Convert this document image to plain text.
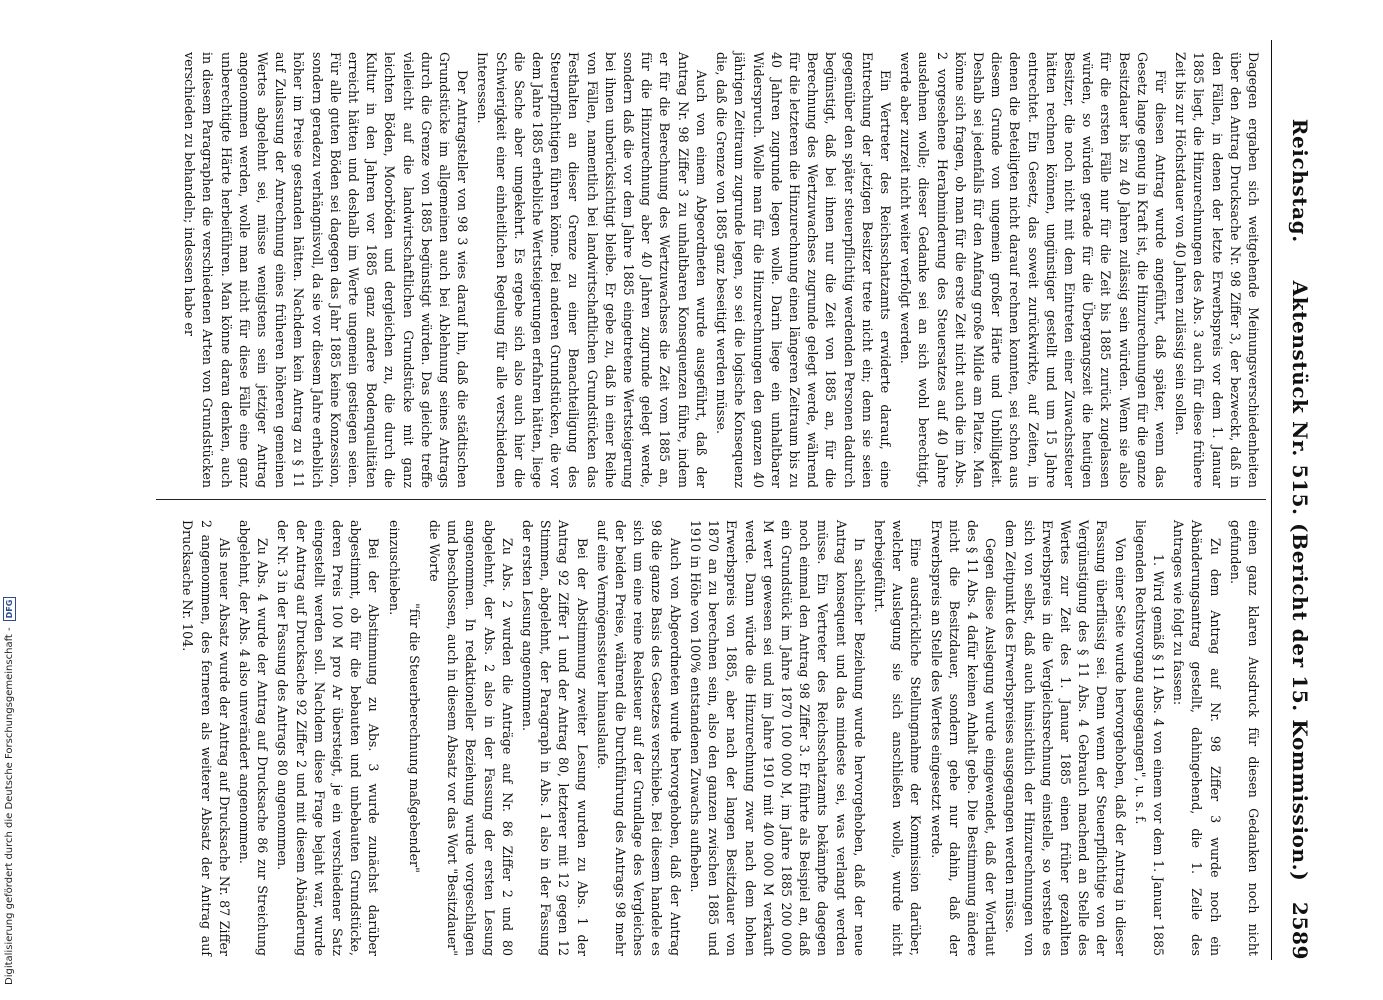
Reichstag.     Aktenstück Nr. 515. (Bericht der 15. Kommission.)
2589

Dagegen ergaben sich weitgehende Meinungsverschiedenheiten über den Antrag Drucksache Nr. 98 Ziffer 3, der bezweckt, daß in den Fällen, in denen der letzte Erwerbspreis vor dem 1. Januar 1885 liegt, die Hinzurechnungen des Abs. 3 auch für diese frühere Zeit bis zur Höchstdauer von 40 Jahren zulässig sein sollen.

Für diesen Antrag wurde angeführt, daß später, wenn das Gesetz lange genug in Kraft ist, die Hinzurechnungen für die ganze Besitzdauer bis zu 40 Jahren zulässig sein würden. Wenn sie also für die ersten Fälle nur für die Zeit bis 1885 zurück zugelassen würden, so würden gerade für die Übergangszeit die heutigen Besitzer, die noch nicht mit dem Eintreten einer Zuwachssteuer hätten rechnen können, ungünstiger gestellt und um 15 Jahre entrechtet. Ein Gesetz, das soweit zurückwirkte, auf Zeiten, in denen die Beteiligten nicht darauf rechnen konnten, sei schon aus diesem Grunde von ungemein großer Härte und Unbilligkeit. Deshalb sei jedenfalls für den Anfang große Milde am Platze. Man könne sich fragen, ob man für die erste Zeit nicht auch die im Abs. 2 vorgesehene Herabminderung des Steuersatzes auf 40 Jahre ausdehnen wolle; dieser Gedanke sei an sich wohl berechtigt, werde aber zurzeit nicht weiter verfolgt werden.

Ein Vertreter des Reichsschatzamts erwiderte darauf, eine Entrechung der jetzigen Besitzer trete nicht ein; denn sie seien gegenüber den später steuerpflichtig werdenden Personen dadurch begünstigt, daß bei ihnen nur die Zeit von 1885 an, für die Berechnung des Wertzuwachses zugrunde gelegt werde, während für die letzteren die Hinzurechnung einen längeren Zeitraum bis zu 40 Jahren zugrunde legen wolle. Darin liege ein unhaltbarer Widerspruch. Wolle man für die Hinzurechnungen den ganzen 40 jährigen Zeitraum zugrunde legen, so sei die logische Konsequenz die, daß die Grenze von 1885 ganz beseitigt werden müsse.

Auch von einem Abgeordneten wurde ausgeführt, daß der Antrag Nr. 98 Ziffer 3 zu unhaltbaren Konsequenzen führe, indem er für die Berechnung des Wertzuwachses die Zeit vom 1885 an, für die Hinzurechnung aber 40 Jahren zugrunde gelegt werde, sondern daß die vor dem Jahre 1885 eingetretene Wertsteigerung bei ihnen unberücksichtigt bleibe. Er gebe zu, daß in einer Reihe von Fällen, namentlich bei landwirtschaftlichen Grundstücken das Festhalten an dieser Grenze zu einer Benachteiligung des Steuerpflichtigen führen könne. Bei anderen Grundstücken, die vor dem Jahre 1885 erhebliche Wertsteigerungen erfahren hätten, liege die Sache aber umgekehrt. Es ergebe sich also auch hier die Schwierigkeit einer einheitlichen Regelung für alle verschiedenen Interessen.

Der Antragsteller von 98 3 wies darauf hin, daß die städtischen Grundstücke im allgemeinen auch bei Ablehnung seines Antrags durch die Grenze von 1885 begünstigt würden. Das gleiche treffe vielleicht auf die landwirtschaftlichen Grundstücke mit ganz leichten Böden, Moorböden und dergleichen zu, die durch die Kultur in den Jahren vor 1885 ganz andere Bodenqualitäten erreicht hätten und deshalb im Werte ungemein gestiegen seien. Für alle guten Böden sei dagegen das Jahr 1885 keine Konzession, sondern geradezu verhängnisvoll, da sie vor diesem Jahre erheblich höher im Preise gestanden hätten. Nachdem kein Antrag zu § 11 auf Zulassung der Anrechnung eines früheren höheren gemeinen Wertes abgelehnt sei, müsse wenigstens sein jetziger Antrag angenommen werden, wolle man nicht für diese Fälle eine ganz unberechtigte Härte herbeiführen. Man könne daran denken, auch in diesem Paragraphen die verschiedenen Arten von Grundstücken verschieden zu behandeln; indessen habe er

einen ganz klaren Ausdruck für diesen Gedanken noch nicht gefunden.

Zu dem Antrag auf Nr. 98 Ziffer 3 wurde noch ein Abänderungsantrag gestellt, dahingehend, die 1. Zeile des Antrages wie folgt zu fassen:

1. Wird gemäß § 11 Abs. 4 von einem vor dem 1. Januar 1885 liegenden Rechtsvorgang ausgegangen", u. s. f.

Von einer Seite wurde hervorgehoben, daß der Antrag in dieser Fassung überflüssig sei. Denn wenn der Steuerpflichtige von der Vergünstigung des § 11 Abs. 4 Gebrauch machend an Stelle des Wertes zur Zeit des 1. Januar 1885 einen früher gezahlten Erwerbspreis in die Vergleichsrechnung einstelle, so verstehe es sich von selbst, daß auch hinsichtlich der Hinzurechnungen von dem Zeitpunkt des Erwerbspreises ausgegangen werden müsse.

Gegen diese Auslegung wurde eingewendet, daß der Wortlaut des § 11 Abs. 4 dafür keinen Anhalt gebe. Die Bestimmung ändere nicht die Besitzdauer, sondern gehe nur dahin, daß der Erwerbspreis an Stelle des Wertes eingesetzt werde.

Eine ausdrückliche Stellungnahme der Kommission darüber, welcher Auslegung sie sich anschließen wolle, wurde nicht herbeigeführt.

In sachlicher Beziehung wurde hervorgehoben, daß der neue Antrag konsequent und das mindeste sei, was verlangt werden müsse. Ein Vertreter des Reichsschatzamts bekämpfte dagegen noch einmal den Antrag 98 Ziffer 3. Er führte als Beispiel an, daß ein Grundstück im Jahre 1870 100 000 M, im Jahre 1885 200 000 M wert gewesen sei und im Jahre 1910 mit 400 000 M verkauft werde. Dann würde die Hinzurechnung zwar nach dem hohen Erwerbspreis von 1885, aber nach der langen Besitzdauer von 1870 an zu berechnen sein, also den ganzen zwischen 1885 und 1910 in Höhe von 100% entstandenen Zuwachs aufheben.

Auch von Abgeordneten wurde hervorgehoben, daß der Antrag 98 die ganze Basis des Gesetzes verschiebe. Bei diesem handele es sich um eine reine Realsteuer auf der Grundlage des Vergleiches der beiden Preise, während die Durchführung des Antrags 98 mehr auf eine Vermögenssteuer hinauslaufe.

Bei der Abstimmung zweiter Lesung wurden zu Abs. 1 der Antrag 92 Ziffer 1 und der Antrag 80, letzterer mit 12 gegen 12 Stimmen, abgelehnt, der Paragraph in Abs. 1 also in der Fassung der ersten Lesung angenommen.

Zu Abs. 2 wurden die Anträge auf Nr. 86 Ziffer 2 und 80 abgelehnt, der Abs. 2 also in der Fassung der ersten Lesung angenommen. In redaktioneller Beziehung wurde vorgeschlagen und beschlossen, auch in diesem Absatz vor das Wort "Besitzdauer" die Worte

"für die Steuerberechnung maßgebender"

einzuschieben.

Bei der Abstimmung zu Abs. 3 wurde zunächst darüber abgestimmt, ob für die bebauten und unbebauten Grundstücke, deren Preis 100 M pro Ar übersteigt, je ein verschiedener Satz eingestellt werden soll. Nachdem diese Frage bejaht war, wurde der Antrag auf Drucksache 92 Ziffer 2 und mit diesem Abänderung der Nr. 3 in der Fassung des Antrags 80 angenommen.

Zu Abs. 4 wurde der Antrag auf Drucksache 86 zur Streichung abgelehnt, der Abs. 4 also unverändert angenommen.

Als neuer Absatz wurde der Antrag auf Drucksache Nr. 87 Ziffer 2 angenommen, des ferneren als weiterer Absatz der Antrag auf Drucksache Nr. 104.

Digitalisierung gefördert durch die Deutsche Forschungsgemeinschaft -
DFG
